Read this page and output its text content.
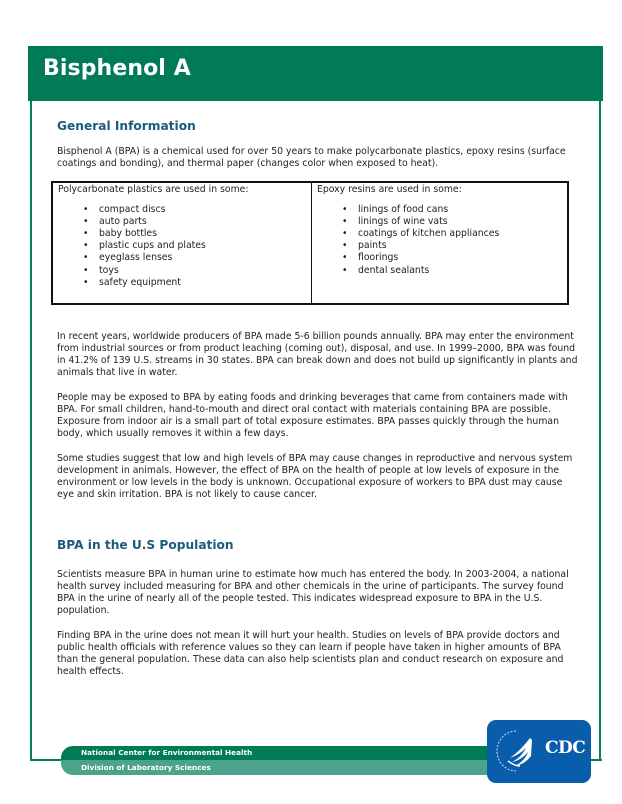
Bisphenol A
General Information

Bisphenol A (BPA) is a chemical used for over 50 years to make polycarbonate plastics, epoxy resins (surface coatings and bonding), and thermal paper (changes color when exposed to heat).

Polycarbonate plastics are used in some:
• compact discs
• auto parts
• baby bottles
• plastic cups and plates
• eyeglass lenses
• toys
• safety equipment
Epoxy resins are used in some:
• linings of food cans
• linings of wine vats
• coatings of kitchen appliances
• paints
• floorings
• dental sealants

In recent years, worldwide producers of BPA made 5-6 billion pounds annually. BPA may enter the environment from industrial sources or from product leaching (coming out), disposal, and use. In 1999–2000, BPA was found in 41.2% of 139 U.S. streams in 30 states. BPA can break down and does not build up significantly in plants and animals that live in water.

People may be exposed to BPA by eating foods and drinking beverages that came from containers made with BPA. For small children, hand-to-mouth and direct oral contact with materials containing BPA are possible. Exposure from indoor air is a small part of total exposure estimates. BPA passes quickly through the human body, which usually removes it within a few days.

Some studies suggest that low and high levels of BPA may cause changes in reproductive and nervous system development in animals. However, the effect of BPA on the health of people at low levels of exposure in the environment or low levels in the body is unknown. Occupational exposure of workers to BPA dust may cause eye and skin irritation. BPA is not likely to cause cancer.

BPA in the U.S Population

Scientists measure BPA in human urine to estimate how much has entered the body. In 2003-2004, a national health survey included measuring for BPA and other chemicals in the urine of participants. The survey found BPA in the urine of nearly all of the people tested. This indicates widespread exposure to BPA in the U.S. population.

Finding BPA in the urine does not mean it will hurt your health. Studies on levels of BPA provide doctors and public health officials with reference values so they can learn if people have taken in higher amounts of BPA than the general population. These data can also help scientists plan and conduct research on exposure and health effects.

National Center for Environmental Health
Division of Laboratory Sciences
CDC
